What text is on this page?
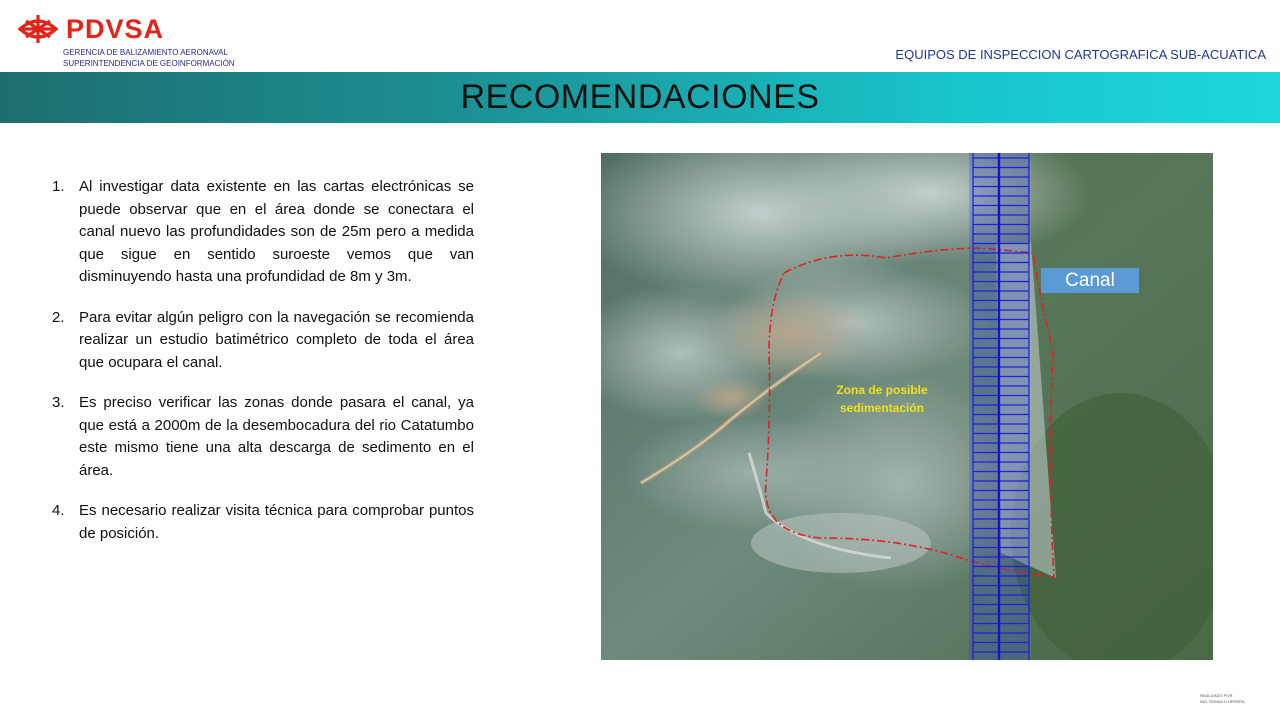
PDVSA
GERENCIA DE BALIZAMIENTO AERONAVAL
SUPERINTENDENCIA DE GEOINFORMACIÓN
EQUIPOS DE INSPECCION CARTOGRAFICA SUB-ACUATICA
RECOMENDACIONES
1. Al investigar data existente en las cartas electrónicas se puede observar que en el área donde se conectara el canal nuevo las profundidades son de 25m pero a medida que sigue en sentido suroeste vemos que van disminuyendo hasta una profundidad de 8m y 3m.
2. Para evitar algún peligro con la navegación se recomienda realizar un estudio batimétrico completo de toda el área que ocupara el canal.
3. Es preciso verificar las zonas donde pasara el canal, ya que está a 2000m de la desembocadura del rio Catatumbo este mismo tiene una alta descarga de sedimento en el área.
4. Es necesario realizar visita técnica para comprobar puntos de posición.
Canal
Zona de posible
sedimentación
REALIZADO POR
ING. ROMULO HERERA
